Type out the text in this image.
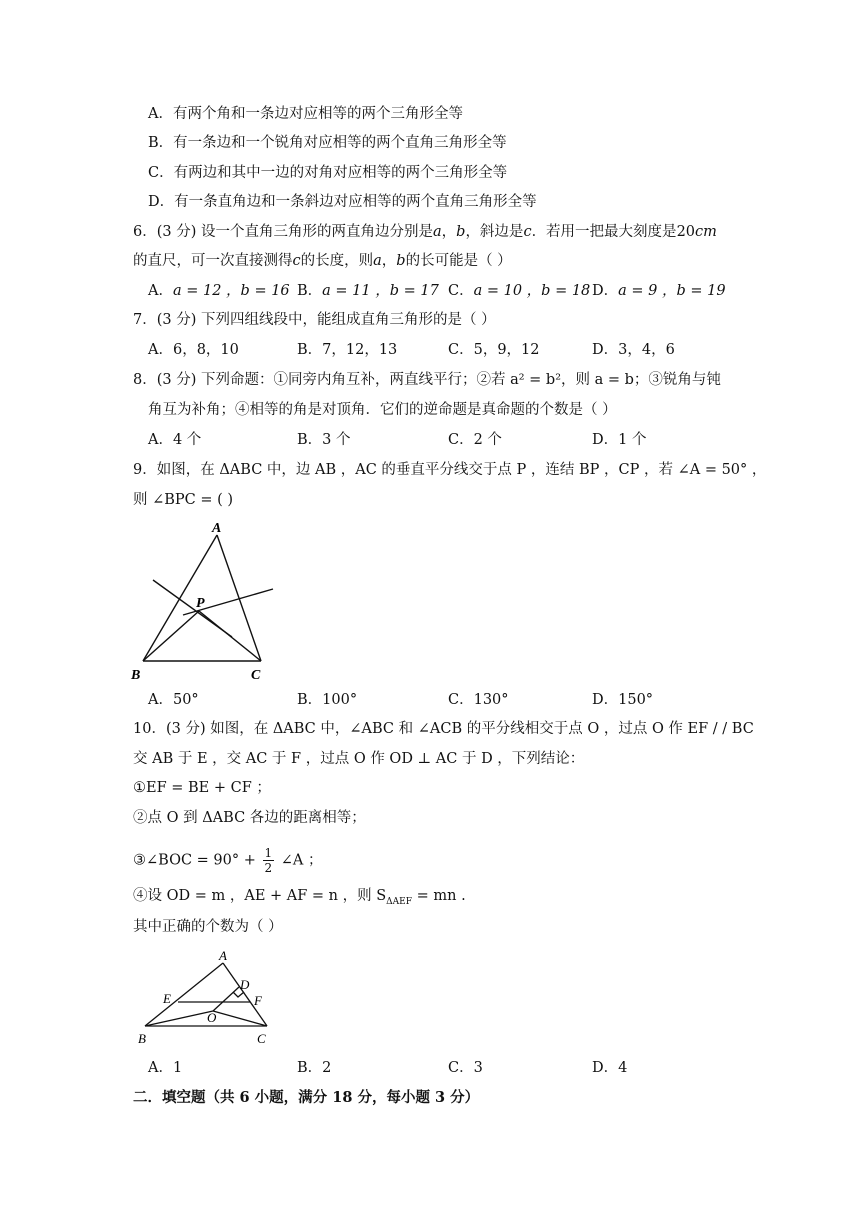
A．有两个角和一条边对应相等的两个三角形全等
B．有一条边和一个锐角对应相等的两个直角三角形全等
C．有两边和其中一边的对角对应相等的两个三角形全等
D．有一条直角边和一条斜边对应相等的两个直角三角形全等
6．(3 分) 设一个直角三角形的两直角边分别是a，b，斜边是c．若用一把最大刻度是20cm
的直尺，可一次直接测得c的长度，则a，b的长可能是（ ）
A．a = 12 ，b = 16 B．a = 11 ，b = 17 C．a = 10 ，b = 18 D．a = 9 ，b = 19
7．(3 分) 下列四组线段中，能组成直角三角形的是（ ）
A．6，8，10	B．7，12，13	C．5，9，12	D．3，4，6
8．(3 分) 下列命题：①同旁内角互补，两直线平行；②若 a² = b²，则 a = b；③锐角与钝
角互为补角；④相等的角是对顶角．它们的逆命题是真命题的个数是（ ）
A．4 个	B．3 个	C．2 个	D．1 个
9．如图，在 ΔABC 中，边 AB ，AC 的垂直平分线交于点 P ，连结 BP ，CP ，若 ∠A = 50° ，
则 ∠BPC = ( )
A
P
B	C
A．50°	B．100°	C．130°	D．150°
10．(3 分) 如图，在 ΔABC 中，∠ABC 和 ∠ACB 的平分线相交于点 O ，过点 O 作 EF / / BC
交 AB 于 E ，交 AC 于 F ，过点 O 作 OD ⊥ AC 于 D ，下列结论：
①EF = BE + CF ；
②点 O 到 ΔABC 各边的距离相等；
③∠BOC = $90^\circ + \frac{1}{2}$ ∠A ；
④设 OD = m ，AE + AF = n ，则 $S_{\Delta AEF}$ = mn .
其中正确的个数为（ ）
A
D
E	F
O
B	C
A．1	B．2	C．3	D．4
二．填空题（共 6 小题，满分 18 分，每小题 3 分）
